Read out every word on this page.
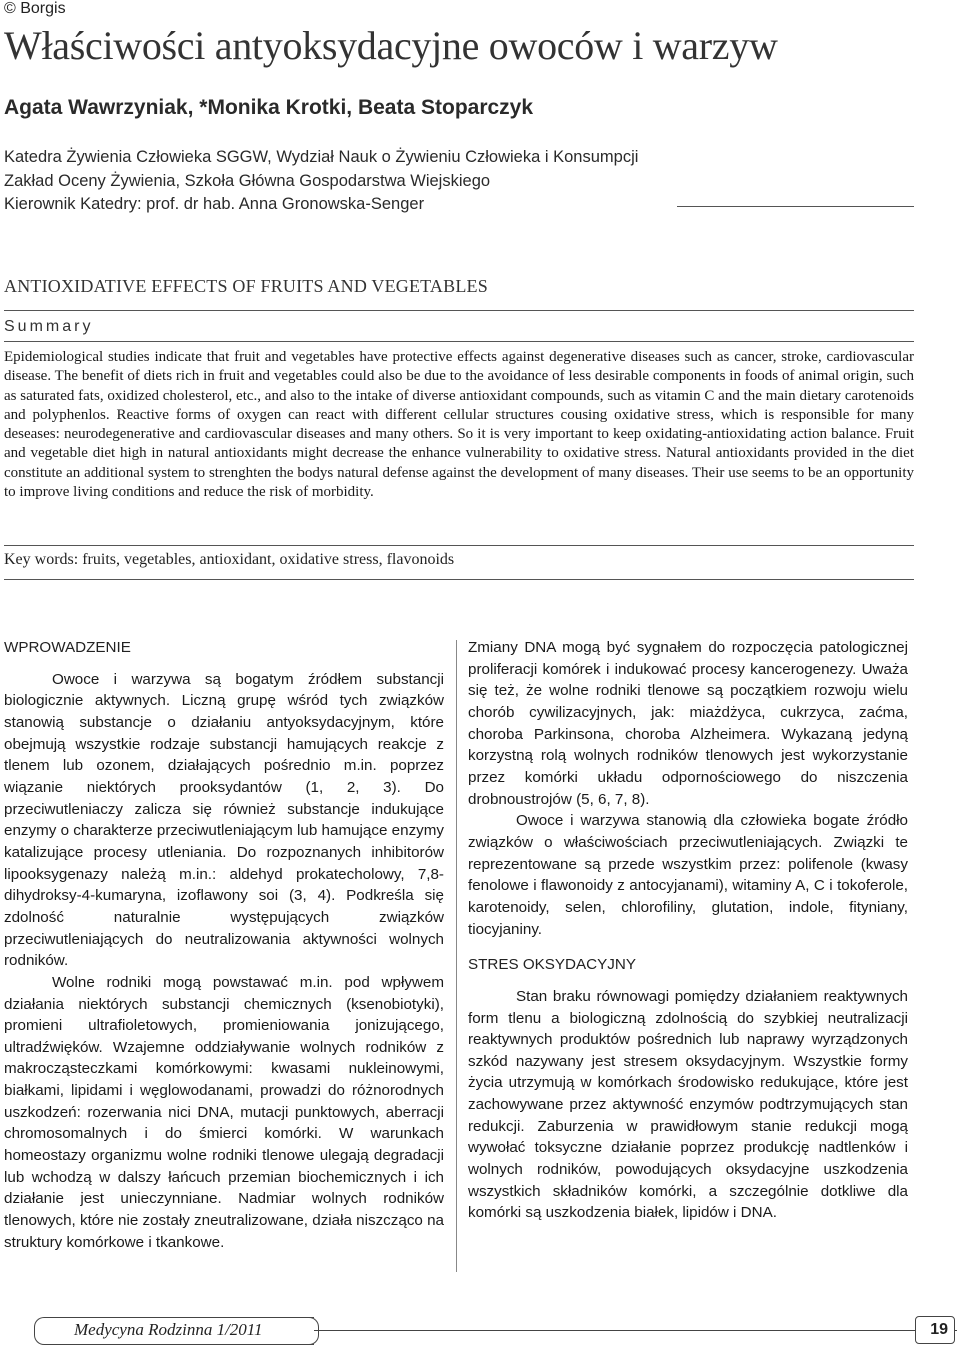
© Borgis
Właściwości antyoksydacyjne owoców i warzyw
Agata Wawrzyniak, *Monika Krotki, Beata Stoparczyk
Katedra Żywienia Człowieka SGGW, Wydział Nauk o Żywieniu Człowieka i Konsumpcji
Zakład Oceny Żywienia, Szkoła Główna Gospodarstwa Wiejskiego
Kierownik Katedry: prof. dr hab. Anna Gronowska-Senger
ANTIOXIDATIVE EFFECTS OF FRUITS AND VEGETABLES
Summary
Epidemiological studies indicate that fruit and vegetables have protective effects against degenerative diseases such as cancer, stroke, cardiovascular disease. The benefit of diets rich in fruit and vegetables could also be due to the avoidance of less desirable components in foods of animal origin, such as saturated fats, oxidized cholesterol, etc., and also to the intake of diverse antioxidant compounds, such as vitamin C and the main dietary carotenoids and polyphenlos. Reactive forms of oxygen can react with different cellular structures cousing oxidative stress, which is responsible for many deseases: neurodegenerative and cardiovascular diseases and many others. So it is very important to keep oxidating-antioxidating action balance. Fruit and vegetable diet high in natural antioxidants might decrease the enhance vulnerability to oxidative stress. Natural antioxidants provided in the diet constitute an additional system to strenghten the bodys natural defense against the development of many diseases. Their use seems to be an opportunity to improve living conditions and reduce the risk of morbidity.
Key words: fruits, vegetables, antioxidant, oxidative stress, flavonoids
WPROWADZENIE

Owoce i warzywa są bogatym źródłem substancji biologicznie aktywnych. Liczną grupę wśród tych związków stanowią substancje o działaniu antyoksydacyjnym, które obejmują wszystkie rodzaje substancji hamujących reakcje z tlenem lub ozonem, działających pośrednio m.in. poprzez wiązanie niektórych prooksydantów (1, 2, 3). Do przeciwutleniaczy zalicza się również substancje indukujące enzymy o charakterze przeciwutleniającym lub hamujące enzymy katalizujące procesy utleniania. Do rozpoznanych inhibitorów lipooksygenazy należą m.in.: aldehyd prokatecholowy, 7,8-dihydroksy-4-kumaryna, izoflawony soi (3, 4). Podkreśla się zdolność naturalnie występujących związków przeciwutleniających do neutralizowania aktywności wolnych rodników.

Wolne rodniki mogą powstawać m.in. pod wpływem działania niektórych substancji chemicznych (ksenobiotyki), promieni ultrafioletowych, promieniowania jonizującego, ultradźwięków. Wzajemne oddziaływanie wolnych rodników z makrocząsteczkami komórkowymi: kwasami nukleinowymi, białkami, lipidami i węglowodanami, prowadzi do różnorodnych uszkodzeń: rozerwania nici DNA, mutacji punktowych, aberracji chromosomalnych i do śmierci komórki. W warunkach homeostazy organizmu wolne rodniki tlenowe ulegają degradacji lub wchodzą w dalszy łańcuch przemian biochemicznych i ich działanie jest unieczynniane. Nadmiar wolnych rodników tlenowych, które nie zostały zneutralizowane, działa niszcząco na struktury komórkowe i tkankowe.

Zmiany DNA mogą być sygnałem do rozpoczęcia patologicznej proliferacji komórek i indukować procesy kancerogenezy. Uważa się też, że wolne rodniki tlenowe są początkiem rozwoju wielu chorób cywilizacyjnych, jak: miażdżyca, cukrzyca, zaćma, choroba Parkinsona, choroba Alzheimera. Wykazaną jedyną korzystną rolą wolnych rodników tlenowych jest wykorzystanie przez komórki układu odpornościowego do niszczenia drobnoustrojów (5, 6, 7, 8).

Owoce i warzywa stanowią dla człowieka bogate źródło związków o właściwościach przeciwutleniających. Związki te reprezentowane są przede wszystkim przez: polifenole (kwasy fenolowe i flawonoidy z antocyjanami), witaminy A, C i tokoferole, karotenoidy, selen, chlorofiliny, glutation, indole, fityniany, tiocyjaniny.

STRES OKSYDACYJNY

Stan braku równowagi pomiędzy działaniem reaktywnych form tlenu a biologiczną zdolnością do szybkiej neutralizacji reaktywnych produktów pośrednich lub naprawy wyrządzonych szkód nazywany jest stresem oksydacyjnym. Wszystkie formy życia utrzymują w komórkach środowisko redukujące, które jest zachowywane przez aktywność enzymów podtrzymujących stan redukcji. Zaburzenia w prawidłowym stanie redukcji mogą wywołać toksyczne działanie poprzez produkcję nadtlenków i wolnych rodników, powodujących oksydacyjne uszkodzenia wszystkich składników komórki, a szczególnie dotkliwe dla komórki są uszkodzenia białek, lipidów i DNA.

Medycyna Rodzinna 1/2011	19
